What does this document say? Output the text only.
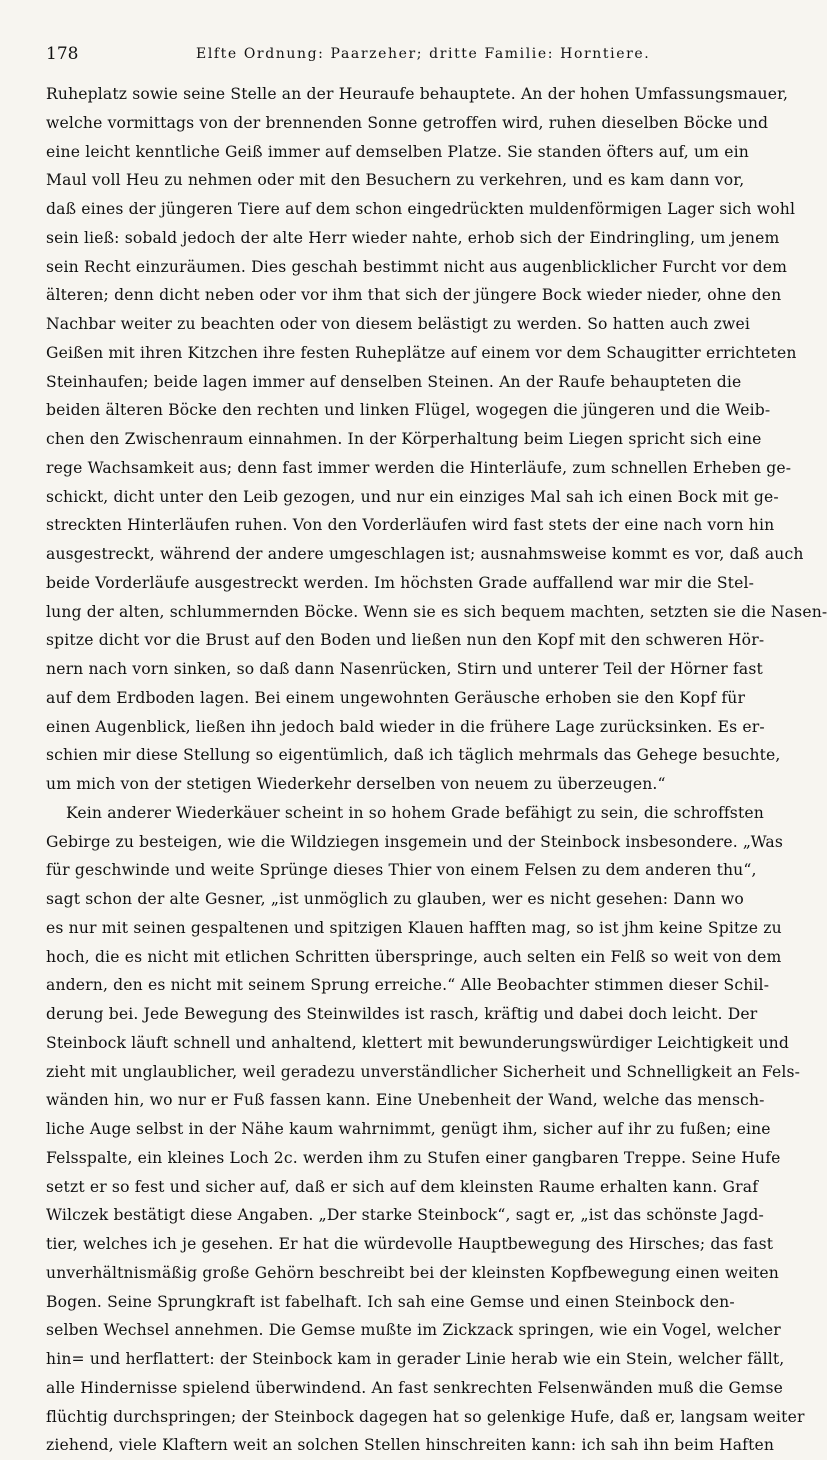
178	Elfte Ordnung: Paarzeher; dritte Familie: Horntiere.
Ruheplatz sowie seine Stelle an der Heuraufe behauptete. An der hohen Umfassungsmauer,
welche vormittags von der brennenden Sonne getroffen wird, ruhen dieselben Böcke und
eine leicht kenntliche Geiß immer auf demselben Platze. Sie standen öfters auf, um ein
Maul voll Heu zu nehmen oder mit den Besuchern zu verkehren, und es kam dann vor,
daß eines der jüngeren Tiere auf dem schon eingedrückten muldenförmigen Lager sich wohl
sein ließ: sobald jedoch der alte Herr wieder nahte, erhob sich der Eindringling, um jenem
sein Recht einzuräumen. Dies geschah bestimmt nicht aus augenblicklicher Furcht vor dem
älteren; denn dicht neben oder vor ihm that sich der jüngere Bock wieder nieder, ohne den
Nachbar weiter zu beachten oder von diesem belästigt zu werden. So hatten auch zwei
Geißen mit ihren Kitzchen ihre festen Ruheplätze auf einem vor dem Schaugitter errichteten
Steinhaufen; beide lagen immer auf denselben Steinen. An der Raufe behaupteten die
beiden älteren Böcke den rechten und linken Flügel, wogegen die jüngeren und die Weib-
chen den Zwischenraum einnahmen. In der Körperhaltung beim Liegen spricht sich eine
rege Wachsamkeit aus; denn fast immer werden die Hinterläufe, zum schnellen Erheben ge-
schickt, dicht unter den Leib gezogen, und nur ein einziges Mal sah ich einen Bock mit ge-
streckten Hinterläufen ruhen. Von den Vorderläufen wird fast stets der eine nach vorn hin
ausgestreckt, während der andere umgeschlagen ist; ausnahmsweise kommt es vor, daß auch
beide Vorderläufe ausgestreckt werden. Im höchsten Grade auffallend war mir die Stel-
lung der alten, schlummernden Böcke. Wenn sie es sich bequem machten, setzten sie die Nasen-
spitze dicht vor die Brust auf den Boden und ließen nun den Kopf mit den schweren Hör-
nern nach vorn sinken, so daß dann Nasenrücken, Stirn und unterer Teil der Hörner fast
auf dem Erdboden lagen. Bei einem ungewohnten Geräusche erhoben sie den Kopf für
einen Augenblick, ließen ihn jedoch bald wieder in die frühere Lage zurücksinken. Es er-
schien mir diese Stellung so eigentümlich, daß ich täglich mehrmals das Gehege besuchte,
um mich von der stetigen Wiederkehr derselben von neuem zu überzeugen.“
Kein anderer Wiederkäuer scheint in so hohem Grade befähigt zu sein, die schroffsten
Gebirge zu besteigen, wie die Wildziegen insgemein und der Steinbock insbesondere. „Was
für geschwinde und weite Sprünge dieses Thier von einem Felsen zu dem anderen thu“,
sagt schon der alte Gesner, „ist unmöglich zu glauben, wer es nicht gesehen: Dann wo
es nur mit seinen gespaltenen und spitzigen Klauen hafften mag, so ist jhm keine Spitze zu
hoch, die es nicht mit etlichen Schritten überspringe, auch selten ein Felß so weit von dem
andern, den es nicht mit seinem Sprung erreiche.“ Alle Beobachter stimmen dieser Schil-
derung bei. Jede Bewegung des Steinwildes ist rasch, kräftig und dabei doch leicht. Der
Steinbock läuft schnell und anhaltend, klettert mit bewunderungswürdiger Leichtigkeit und
zieht mit unglaublicher, weil geradezu unverständlicher Sicherheit und Schnelligkeit an Fels-
wänden hin, wo nur er Fuß fassen kann. Eine Unebenheit der Wand, welche das mensch-
liche Auge selbst in der Nähe kaum wahrnimmt, genügt ihm, sicher auf ihr zu fußen; eine
Felsspalte, ein kleines Loch 2c. werden ihm zu Stufen einer gangbaren Treppe. Seine Hufe
setzt er so fest und sicher auf, daß er sich auf dem kleinsten Raume erhalten kann. Graf
Wilczek bestätigt diese Angaben. „Der starke Steinbock“, sagt er, „ist das schönste Jagd-
tier, welches ich je gesehen. Er hat die würdevolle Hauptbewegung des Hirsches; das fast
unverhältnismäßig große Gehörn beschreibt bei der kleinsten Kopfbewegung einen weiten
Bogen. Seine Sprungkraft ist fabelhaft. Ich sah eine Gemse und einen Steinbock den-
selben Wechsel annehmen. Die Gemse mußte im Zickzack springen, wie ein Vogel, welcher
hin= und herflattert: der Steinbock kam in gerader Linie herab wie ein Stein, welcher fällt,
alle Hindernisse spielend überwindend. An fast senkrechten Felsenwänden muß die Gemse
flüchtig durchspringen; der Steinbock dagegen hat so gelenkige Hufe, daß er, langsam weiter
ziehend, viele Klaftern weit an solchen Stellen hinschreiten kann: ich sah ihn beim Haften
